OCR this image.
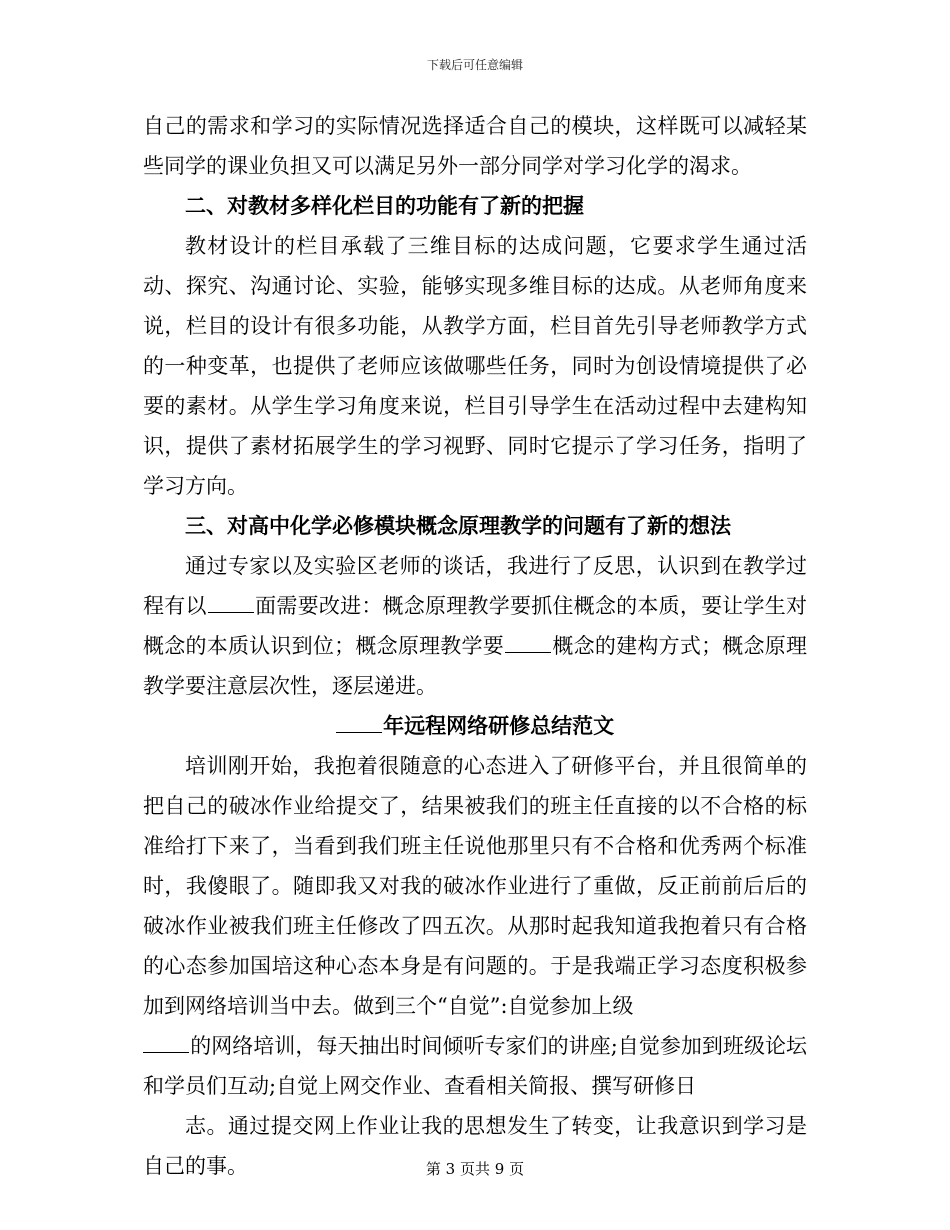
下载后可任意编辑

自己的需求和学习的实际情况选择适合自己的模块，这样既可以减轻某些同学的课业负担又可以满足另外一部分同学对学习化学的渴求。

二、对教材多样化栏目的功能有了新的把握

教材设计的栏目承载了三维目标的达成问题，它要求学生通过活动、探究、沟通讨论、实验，能够实现多维目标的达成。从老师角度来说，栏目的设计有很多功能，从教学方面，栏目首先引导老师教学方式的一种变革，也提供了老师应该做哪些任务，同时为创设情境提供了必要的素材。从学生学习角度来说，栏目引导学生在活动过程中去建构知识，提供了素材拓展学生的学习视野、同时它提示了学习任务，指明了学习方向。

三、对高中化学必修模块概念原理教学的问题有了新的想法

通过专家以及实验区老师的谈话，我进行了反思，认识到在教学过程有以 面需要改进：概念原理教学要抓住概念的本质，要让学生对概念的本质认识到位；概念原理教学要 概念的建构方式；概念原理教学要注意层次性，逐层递进。

年远程网络研修总结范文

培训刚开始，我抱着很随意的心态进入了研修平台，并且很简单的把自己的破冰作业给提交了，结果被我们的班主任直接的以不合格的标准给打下来了，当看到我们班主任说他那里只有不合格和优秀两个标准时，我傻眼了。随即我又对我的破冰作业进行了重做，反正前前后后的破冰作业被我们班主任修改了四五次。从那时起我知道我抱着只有合格的心态参加国培这种心态本身是有问题的。于是我端正学习态度积极参加到网络培训当中去。做到三个“自觉”:自觉参加上级
的网络培训，每天抽出时间倾听专家们的讲座;自觉参加到班级论坛和学员们互动;自觉上网交作业、查看相关简报、撰写研修日

志。通过提交网上作业让我的思想发生了转变，让我意识到学习是自己的事。	第 3 页共 9 页
